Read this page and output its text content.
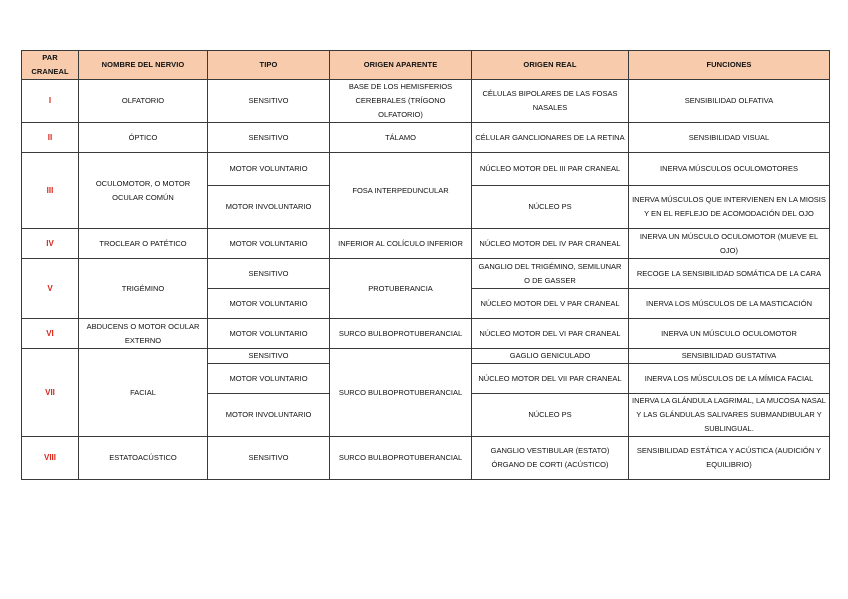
PAR CRANEAL	NOMBRE DEL NERVIO	TIPO	ORIGEN APARENTE	ORIGEN REAL	FUNCIONES
I	OLFATORIO	SENSITIVO	BASE DE LOS HEMISFERIOS CEREBRALES (TRÍGONO OLFATORIO)	CÉLULAS BIPOLARES DE LAS FOSAS NASALES	SENSIBILIDAD OLFATIVA
II	ÓPTICO	SENSITIVO	TÁLAMO	CÉLULAR GANCLIONARES DE LA RETINA	SENSIBILIDAD VISUAL
III	OCULOMOTOR, O MOTOR OCULAR COMÚN	MOTOR VOLUNTARIO	FOSA INTERPEDUNCULAR	NÚCLEO MOTOR DEL III PAR CRANEAL	INERVA MÚSCULOS OCULOMOTORES
		MOTOR INVOLUNTARIO		NÚCLEO PS	INERVA MÚSCULOS QUE INTERVIENEN EN LA MIOSIS Y EN EL REFLEJO DE ACOMODACIÓN DEL OJO
IV	TROCLEAR O PATÉTICO	MOTOR VOLUNTARIO	INFERIOR AL COLÍCULO INFERIOR	NÚCLEO MOTOR DEL IV PAR CRANEAL	INERVA UN MÚSCULO OCULOMOTOR (MUEVE EL OJO)
V	TRIGÉMINO	SENSITIVO	PROTUBERANCIA	GANGLIO DEL TRIGÉMINO, SEMILUNAR O DE GASSER	RECOGE LA SENSIBILIDAD SOMÁTICA DE LA CARA
		MOTOR VOLUNTARIO		NÚCLEO MOTOR DEL V PAR CRANEAL	INERVA LOS MÚSCULOS DE LA MASTICACIÓN
VI	ABDUCENS O MOTOR OCULAR EXTERNO	MOTOR VOLUNTARIO	SURCO BULBOPROTUBERANCIAL	NÚCLEO MOTOR DEL VI PAR CRANEAL	INERVA UN MÚSCULO OCULOMOTOR
VII	FACIAL	SENSITIVO	SURCO BULBOPROTUBERANCIAL	GAGLIO GENICULADO	SENSIBILIDAD GUSTATIVA
		MOTOR VOLUNTARIO		NÚCLEO MOTOR DEL VII PAR CRANEAL	INERVA LOS MÚSCULOS DE LA MÍMICA FACIAL
		MOTOR INVOLUNTARIO		NÚCLEO PS	INERVA LA GLÁNDULA LAGRIMAL, LA MUCOSA NASAL Y LAS GLÁNDULAS SALIVARES SUBMANDIBULAR Y SUBLINGUAL.
VIII	ESTATOACÚSTICO	SENSITIVO	SURCO BULBOPROTUBERANCIAL	GANGLIO VESTIBULAR (ESTATO) ÓRGANO DE CORTI (ACÚSTICO)	SENSIBILIDAD ESTÁTICA Y ACÚSTICA (AUDICIÓN Y EQUILIBRIO)
